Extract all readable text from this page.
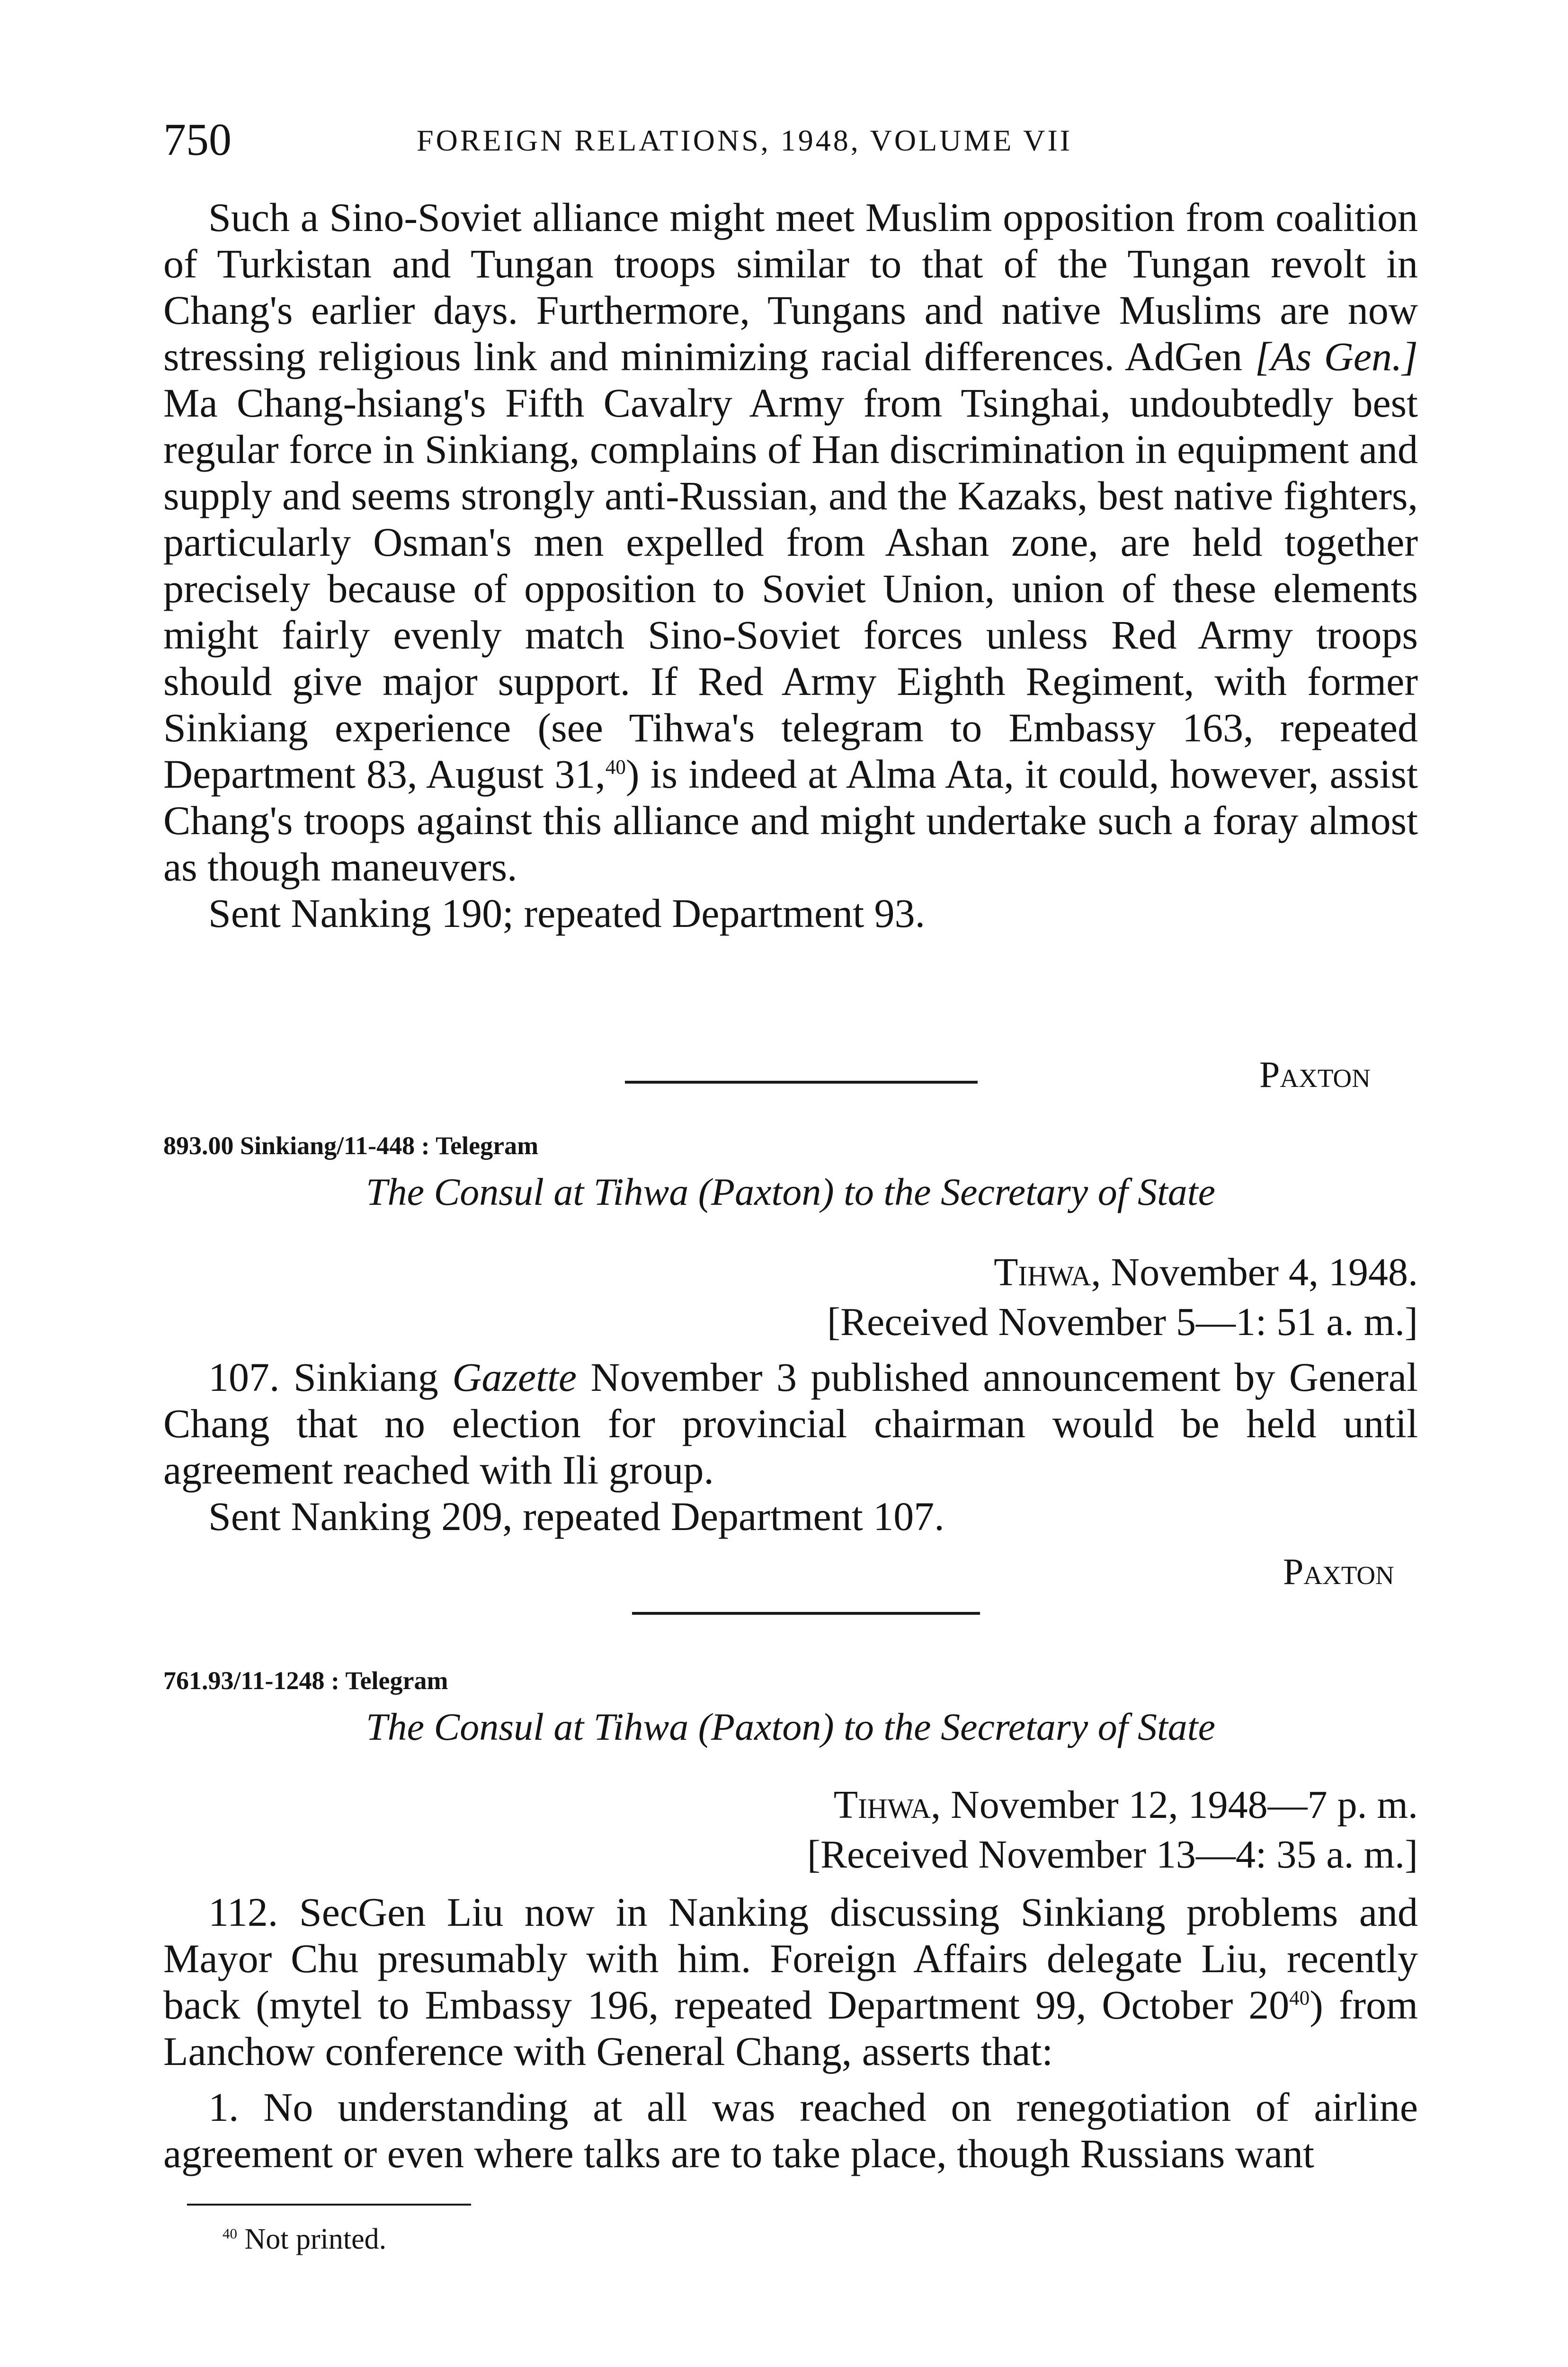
750	FOREIGN RELATIONS, 1948, VOLUME VII

Such a Sino-Soviet alliance might meet Muslim opposition from coalition of Turkistan and Tungan troops similar to that of the Tungan revolt in Chang's earlier days. Furthermore, Tungans and native Muslims are now stressing religious link and minimizing racial differences. AdGen [As Gen.] Ma Chang-hsiang's Fifth Cavalry Army from Tsinghai, undoubtedly best regular force in Sinkiang, complains of Han discrimination in equipment and supply and seems strongly anti-Russian, and the Kazaks, best native fighters, particularly Osman's men expelled from Ashan zone, are held together precisely because of opposition to Soviet Union, union of these elements might fairly evenly match Sino-Soviet forces unless Red Army troops should give major support. If Red Army Eighth Regiment, with former Sinkiang experience (see Tihwa's telegram to Embassy 163, repeated Department 83, August 31,40) is indeed at Alma Ata, it could, however, assist Chang's troops against this alliance and might undertake such a foray almost as though maneuvers.

Sent Nanking 190; repeated Department 93.

Paxton
893.00 Sinkiang/11-448 : Telegram
The Consul at Tihwa (Paxton) to the Secretary of State
Tihwa, November 4, 1948.
[Received November 5—1: 51 a. m.]

107. Sinkiang Gazette November 3 published announcement by General Chang that no election for provincial chairman would be held until agreement reached with Ili group.

Sent Nanking 209, repeated Department 107.

Paxton
761.93/11-1248 : Telegram
The Consul at Tihwa (Paxton) to the Secretary of State
Tihwa, November 12, 1948—7 p. m.
[Received November 13—4: 35 a. m.]

112. SecGen Liu now in Nanking discussing Sinkiang problems and Mayor Chu presumably with him. Foreign Affairs delegate Liu, recently back (mytel to Embassy 196, repeated Department 99, October $20^{40}$) from Lanchow conference with General Chang, asserts that:

1. No understanding at all was reached on renegotiation of airline agreement or even where talks are to take place, though Russians want

$^{40}$ Not printed.
